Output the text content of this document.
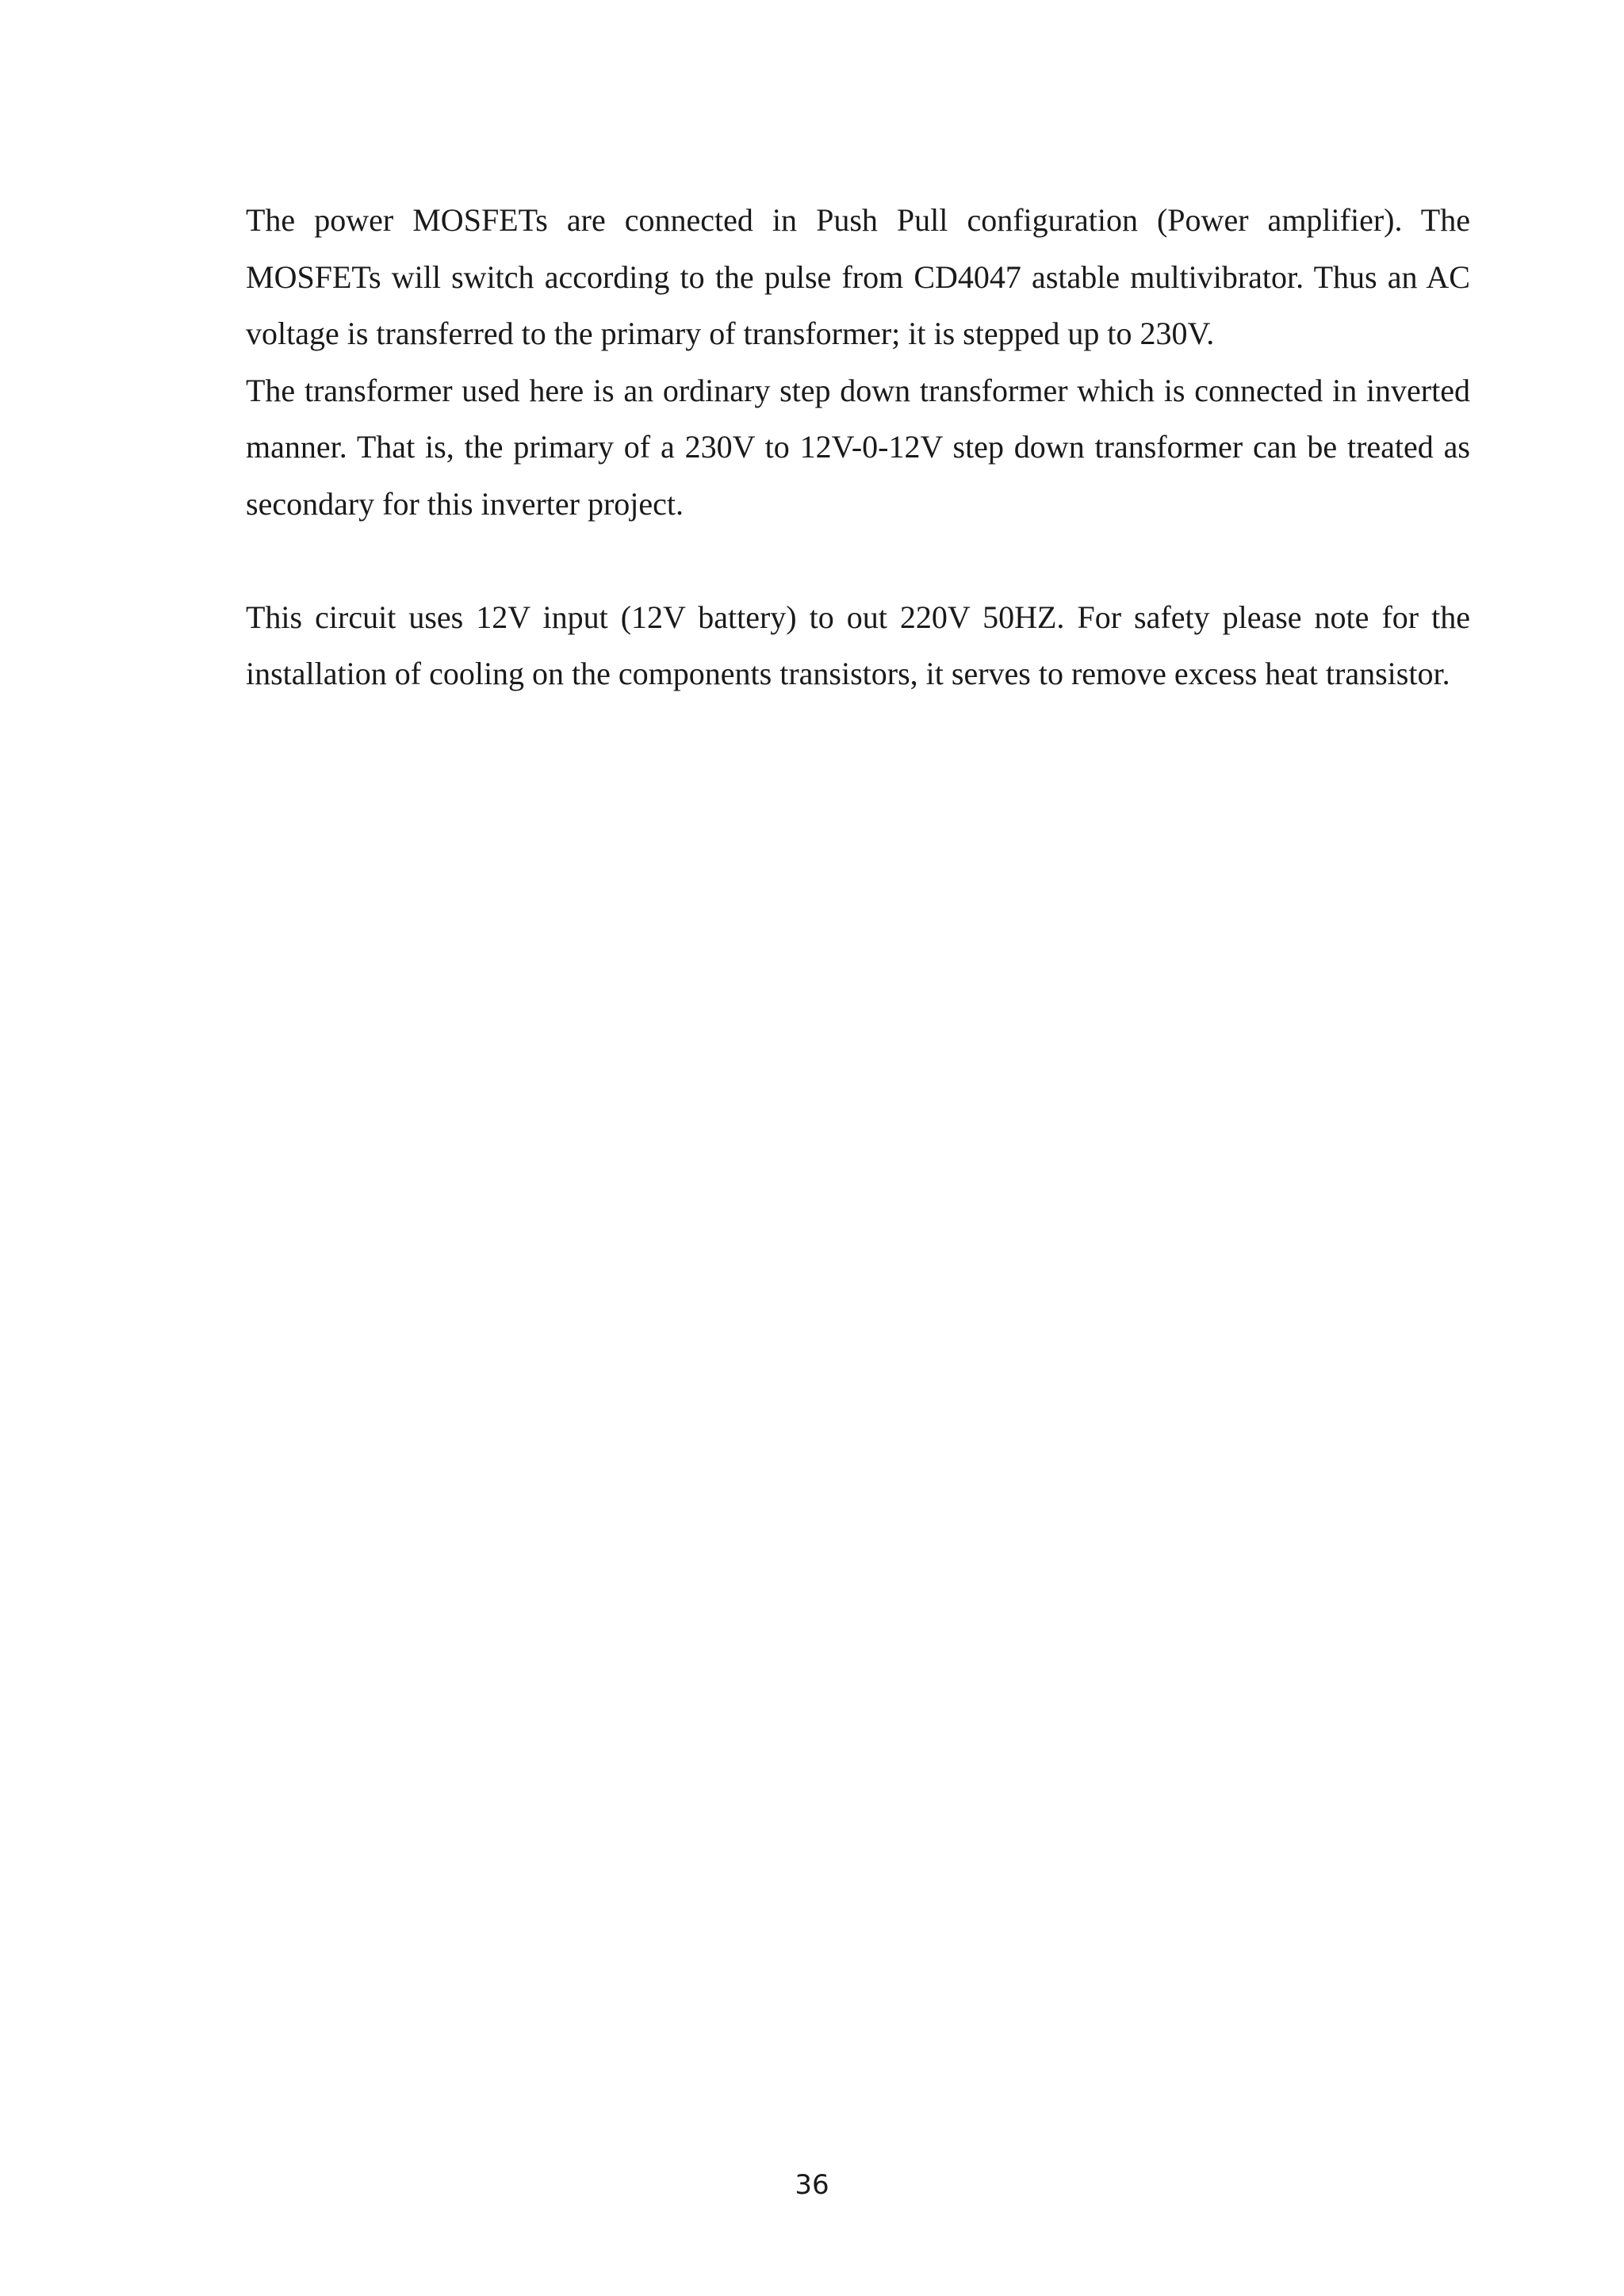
The power MOSFETs are connected in Push Pull configuration (Power amplifier). The MOSFETs will switch according to the pulse from CD4047 astable multivibrator. Thus an AC voltage is transferred to the primary of transformer; it is stepped up to 230V.

The transformer used here is an ordinary step down transformer which is connected in inverted manner. That is, the primary of a 230V to 12V-0-12V step down transformer can be treated as secondary for this inverter project.

This circuit uses 12V input (12V battery) to out 220V 50HZ. For safety please note for the installation of cooling on the components transistors, it serves to remove excess heat transistor.

36
